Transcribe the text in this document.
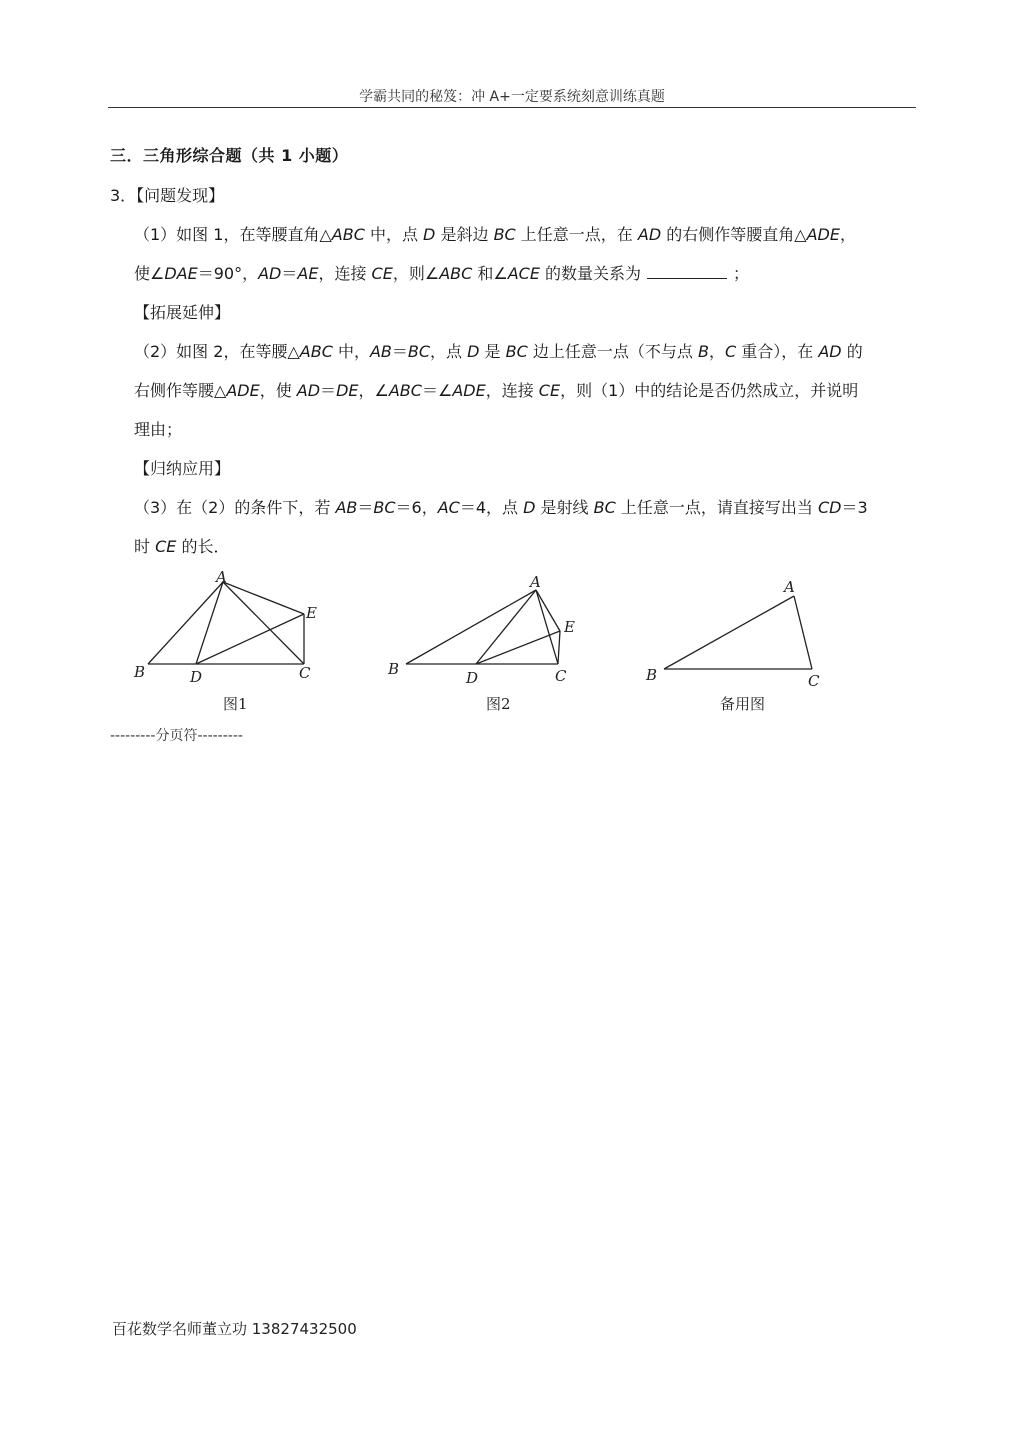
学霸共同的秘笈：冲 A+一定要系统刻意训练真题
三．三角形综合题（共 1 小题）
3．【问题发现】
（1）如图 1，在等腰直角△ABC 中，点 D 是斜边 BC 上任意一点，在 AD 的右侧作等腰直角△ADE，
使∠DAE＝90°，AD＝AE，连接 CE，则∠ABC 和∠ACE 的数量关系为	；
【拓展延伸】
（2）如图 2，在等腰△ABC 中，AB＝BC，点 D 是 BC 边上任意一点（不与点 B，C 重合），在 AD 的
右侧作等腰△ADE，使 AD＝DE，∠ABC＝∠ADE，连接 CE，则（1）中的结论是否仍然成立，并说明
理由；
【归纳应用】
（3）在（2）的条件下，若 AB＝BC＝6，AC＝4，点 D 是射线 BC 上任意一点，请直接写出当 CD＝3
时 CE 的长．
A
B	C
D
E
图1
A
B	C
D
E
图2
A
B	C
备用图
---------分页符---------
百花数学名师董立功 13827432500
